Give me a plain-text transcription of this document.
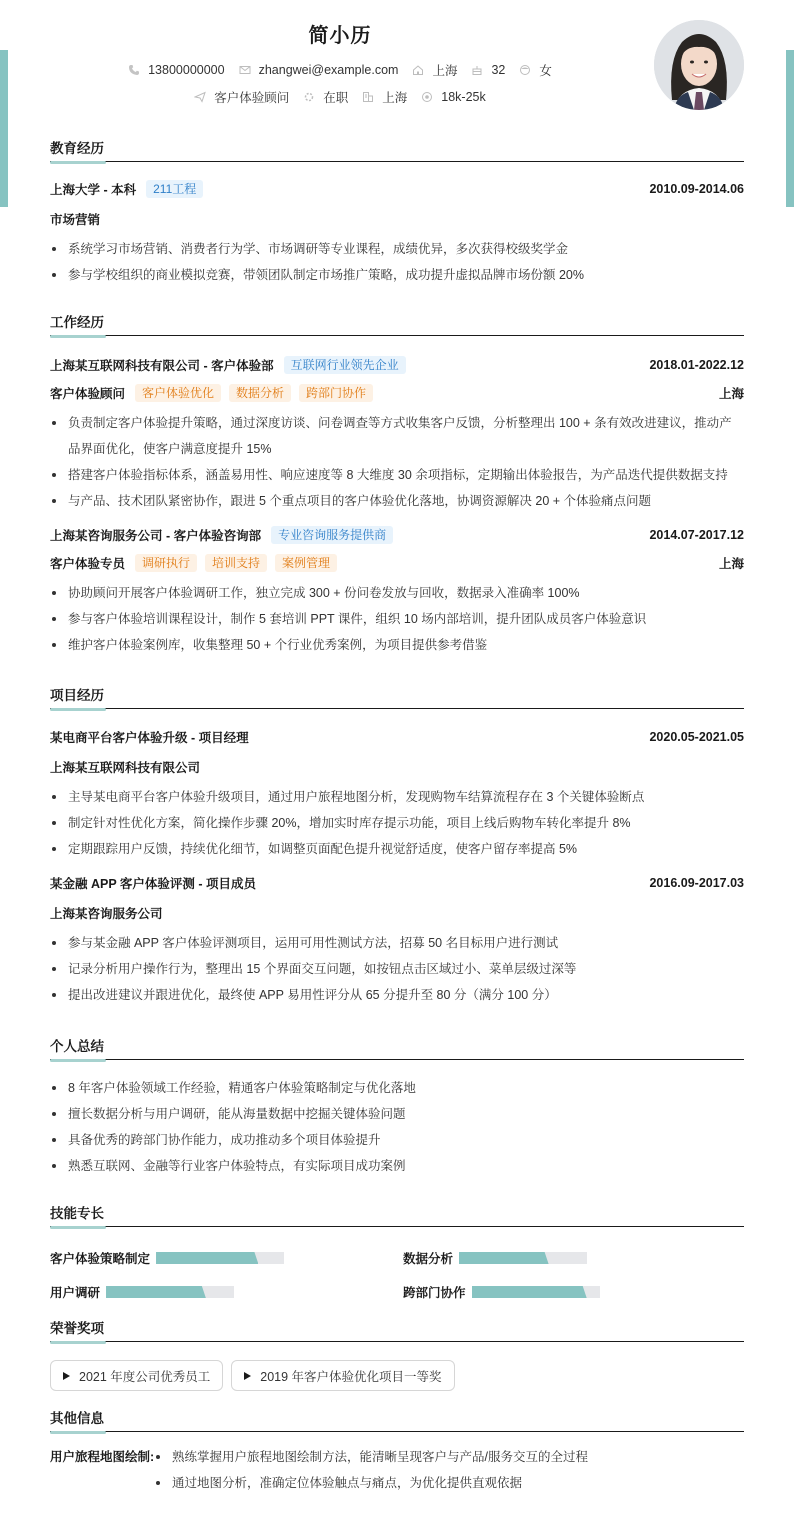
简小历
13800000000	zhangwei@example.com	上海	32	女
客户体验顾问	在职	上海	18k-25k
教育经历
上海大学 - 本科	211工程	2010.09-2014.06
市场营销
系统学习市场营销、消费者行为学、市场调研等专业课程，成绩优异，多次获得校级奖学金
参与学校组织的商业模拟竞赛，带领团队制定市场推广策略，成功提升虚拟品牌市场份额 20%
工作经历
上海某互联网科技有限公司 - 客户体验部	互联网行业领先企业	2018.01-2022.12
客户体验顾问	客户体验优化	数据分析	跨部门协作	上海
负责制定客户体验提升策略，通过深度访谈、问卷调查等方式收集客户反馈，分析整理出 100 + 条有效改进建议，推动产品界面优化，使客户满意度提升 15%
搭建客户体验指标体系，涵盖易用性、响应速度等 8 大维度 30 余项指标，定期输出体验报告，为产品迭代提供数据支持
与产品、技术团队紧密协作，跟进 5 个重点项目的客户体验优化落地，协调资源解决 20 + 个体验痛点问题
上海某咨询服务公司 - 客户体验咨询部	专业咨询服务提供商	2014.07-2017.12
客户体验专员	调研执行	培训支持	案例管理	上海
协助顾问开展客户体验调研工作，独立完成 300 + 份问卷发放与回收，数据录入准确率 100%
参与客户体验培训课程设计，制作 5 套培训 PPT 课件，组织 10 场内部培训，提升团队成员客户体验意识
维护客户体验案例库，收集整理 50 + 个行业优秀案例，为项目提供参考借鉴
项目经历
某电商平台客户体验升级 - 项目经理	2020.05-2021.05
上海某互联网科技有限公司
主导某电商平台客户体验升级项目，通过用户旅程地图分析，发现购物车结算流程存在 3 个关键体验断点
制定针对性优化方案，简化操作步骤 20%，增加实时库存提示功能，项目上线后购物车转化率提升 8%
定期跟踪用户反馈，持续优化细节，如调整页面配色提升视觉舒适度，使客户留存率提高 5%
某金融 APP 客户体验评测 - 项目成员	2016.09-2017.03
上海某咨询服务公司
参与某金融 APP 客户体验评测项目，运用可用性测试方法，招募 50 名目标用户进行测试
记录分析用户操作行为，整理出 15 个界面交互问题，如按钮点击区域过小、菜单层级过深等
提出改进建议并跟进优化，最终使 APP 易用性评分从 65 分提升至 80 分（满分 100 分）
个人总结
8 年客户体验领域工作经验，精通客户体验策略制定与优化落地
擅长数据分析与用户调研，能从海量数据中挖掘关键体验问题
具备优秀的跨部门协作能力，成功推动多个项目体验提升
熟悉互联网、金融等行业客户体验特点，有实际项目成功案例
技能专长
客户体验策略制定	数据分析
用户调研	跨部门协作
荣誉奖项
2021 年度公司优秀员工	2019 年客户体验优化项目一等奖
其他信息
用户旅程地图绘制:	熟练掌握用户旅程地图绘制方法，能清晰呈现客户与产品/服务交互的全过程
通过地图分析，准确定位体验触点与痛点，为优化提供直观依据
